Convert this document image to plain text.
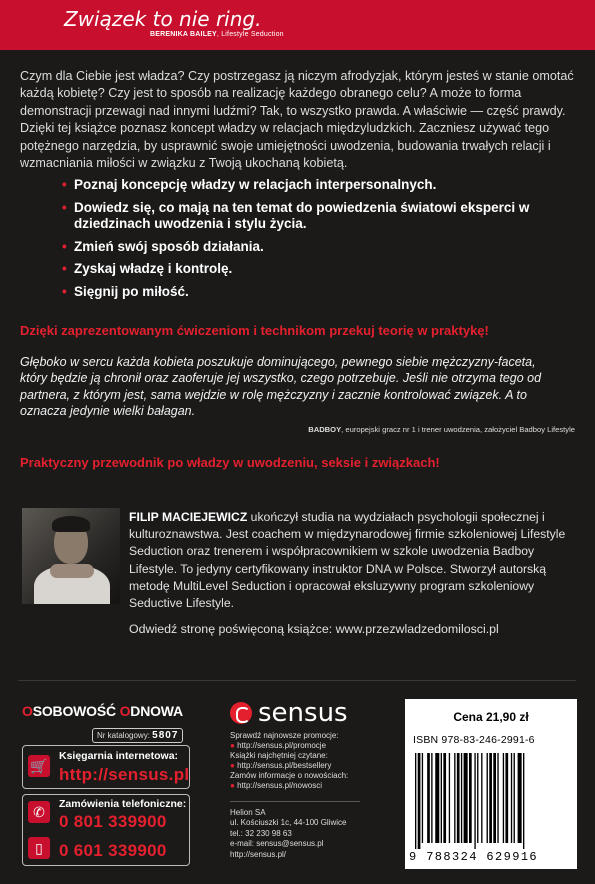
Związek to nie ring.
BERENIKA BAILEY, Lifestyle Seduction
Czym dla Ciebie jest władza? Czy postrzegasz ją niczym afrodyzjak, którym jesteś w stanie omotać każdą kobietę? Czy jest to sposób na realizację każdego obranego celu? A może to forma demonstracji przewagi nad innymi ludźmi? Tak, to wszystko prawda. A właściwie — część prawdy. Dzięki tej książce poznasz koncept władzy w relacjach międzyludzkich. Zaczniesz używać tego potężnego narzędzia, by usprawnić swoje umiejętności uwodzenia, budowania trwałych relacji i wzmacniania miłości w związku z Twoją ukochaną kobietą.
• Poznaj koncepcję władzy w relacjach interpersonalnych.
• Dowiedz się, co mają na ten temat do powiedzenia światowi eksperci w dziedzinach uwodzenia i stylu życia.
• Zmień swój sposób działania.
• Zyskaj władzę i kontrolę.
• Sięgnij po miłość.
Dzięki zaprezentowanym ćwiczeniom i technikom przekuj teorię w praktykę!
Głęboko w sercu każda kobieta poszukuje dominującego, pewnego siebie mężczyzny-faceta, który będzie ją chronił oraz zaoferuje jej wszystko, czego potrzebuje. Jeśli nie otrzyma tego od partnera, z którym jest, sama wejdzie w rolę mężczyzny i zacznie kontrolować związek. A to oznacza jedynie wielki bałagan.
BADBOY, europejski gracz nr 1 i trener uwodzenia, założyciel Badboy Lifestyle
Praktyczny przewodnik po władzy w uwodzeniu, seksie i związkach!
FILIP MACIEJEWICZ ukończył studia na wydziałach psychologii społecznej i kulturoznawstwa. Jest coachem w międzynarodowej firmie szkoleniowej Lifestyle Seduction oraz trenerem i współpracownikiem w szkole uwodzenia Badboy Lifestyle. To jedyny certyfikowany instruktor DNA w Polsce. Stworzył autorską metodę MultiLevel Seduction i opracował eksluzywny program szkoleniowy Seductive Lifestyle.
Odwiedź stronę poświęconą książce: www.przezwladzedomilosci.pl
OSOBOWOŚĆ ODNOWA
Nr katalogowy: 5807
🛒
Księgarnia internetowa:
http://sensus.pl
✆
▯
Zamówienia telefoniczne:
0 801 339900
0 601 339900
sensus
Sprawdź najnowsze promocje:
● http://sensus.pl/promocje
Książki najchętniej czytane:
● http://sensus.pl/bestsellery
Zamów informacje o nowościach:
● http://sensus.pl/nowosci
Helion SA
ul. Kościuszki 1c, 44-100 Gliwice
tel.: 32 230 98 63
e-mail: sensus@sensus.pl
http://sensus.pl/
Cena 21,90 zł
ISBN 978-83-246-2991-6
9 788324 629916
